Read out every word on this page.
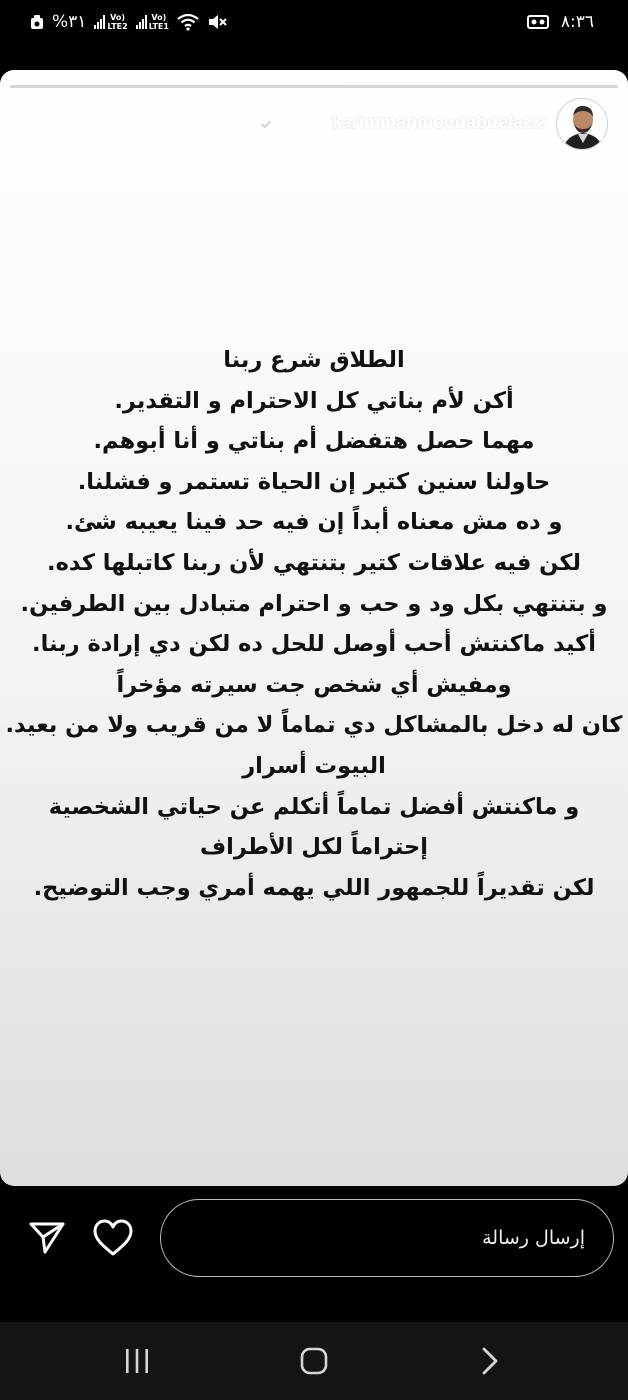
%٣١	Vo)
LTE2
Vo)
LTE1	٨:٣٦
karimmahmoudabdelaziz
٢٠ د
الطلاق شرع ربنا
أكن لأم بناتي كل الاحترام و التقدير.
مهما حصل هتفضل أم بناتي و أنا أبوهم.
حاولنا سنين كتير إن الحياة تستمر و فشلنا.
و ده مش معناه أبداً إن فيه حد فينا يعيبه شئ.
لكن فيه علاقات كتير بتنتهي لأن ربنا كاتبلها كده.
و بتنتهي بكل ود و حب و احترام متبادل بين الطرفين.
أكيد ماكنتش أحب أوصل للحل ده لكن دي إرادة ربنا.
ومفيش أي شخص جت سيرته مؤخراً
كان له دخل بالمشاكل دي تماماً لا من قريب ولا من بعيد.
البيوت أسرار
و ماكنتش أفضل تماماً أتكلم عن حياتي الشخصية
إحتراماً لكل الأطراف
لكن تقديراً للجمهور اللي يهمه أمري وجب التوضيح.
إرسال رسالة
